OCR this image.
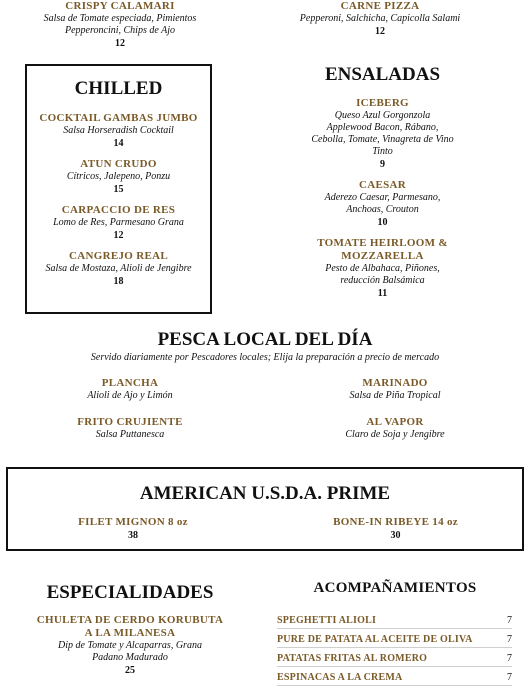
CRISPY CALAMARI
Salsa de Tomate especiada, Pimientos
Pepperoncini, Chips de Ajo
12
CARNE PIZZA
Pepperoni, Salchicha, Capicolla Salami
12
CHILLED
COCKTAIL GAMBAS JUMBO
Salsa Horseradish Cocktail
14
ATUN CRUDO
Cítricos, Jalepeno, Ponzu
15
CARPACCIO DE RES
Lomo de Res, Parmesano Grana
12
CANGREJO REAL
Salsa de Mostaza, Alioli de Jengibre
18
ENSALADAS
ICEBERG
Queso Azul Gorgonzola
Applewood Bacon, Rábano,
Cebolla, Tomate, Vinagreta de Vino
Tinto
9
CAESAR
Aderezo Caesar, Parmesano,
Anchoas, Crouton
10
TOMATE HEIRLOOM &
MOZZARELLA
Pesto de Albahaca, Piñones,
reducción Balsámica
11
PESCA LOCAL DEL DÍA
Servido diariamente por Pescadores locales; Elija la preparación a precio de mercado
PLANCHA
Alioli de Ajo y Limón
MARINADO
Salsa de Piña Tropical
FRITO CRUJIENTE
Salsa Puttanesca
AL VAPOR
Claro de Soja y Jengibre
AMERICAN U.S.D.A. PRIME
FILET MIGNON 8 oz
38
BONE-IN RIBEYE 14 oz
30
ESPECIALIDADES
CHULETA DE CERDO KORUBUTA
A LA MILANESA
Dip de Tomate y Alcaparras, Grana
Padano Madurado
25
ACOMPAÑAMIENTOS
SPEGHETTI ALIOLI	7
PURE DE PATATA AL ACEITE DE OLIVA	7
PATATAS FRITAS AL ROMERO	7
ESPINACAS A LA CREMA	7
